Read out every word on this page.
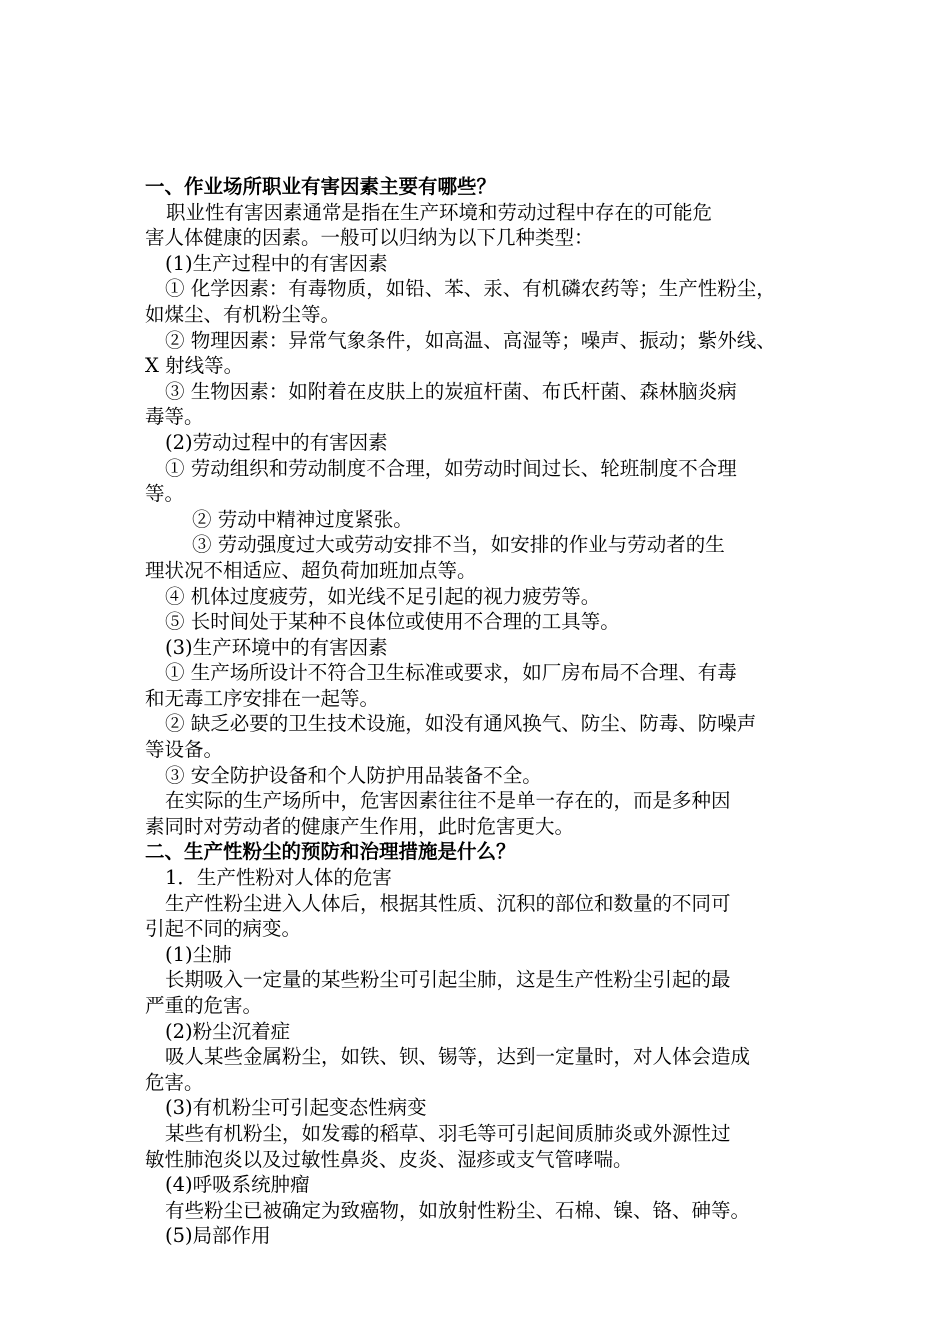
一、作业场所职业有害因素主要有哪些？
职业性有害因素通常是指在生产环境和劳动过程中存在的可能危
害人体健康的因素。一般可以归纳为以下几种类型：
(1)生产过程中的有害因素
① 化学因素：有毒物质，如铅、苯、汞、有机磷农药等；生产性粉尘，
如煤尘、有机粉尘等。
② 物理因素：异常气象条件，如高温、高湿等；噪声、振动；紫外线、
X 射线等。
③ 生物因素：如附着在皮肤上的炭疽杆菌、布氏杆菌、森林脑炎病
毒等。
(2)劳动过程中的有害因素
① 劳动组织和劳动制度不合理，如劳动时间过长、轮班制度不合理
等。
② 劳动中精神过度紧张。
③ 劳动强度过大或劳动安排不当，如安排的作业与劳动者的生
理状况不相适应、超负荷加班加点等。
④ 机体过度疲劳，如光线不足引起的视力疲劳等。
⑤ 长时间处于某种不良体位或使用不合理的工具等。
(3)生产环境中的有害因素
① 生产场所设计不符合卫生标准或要求，如厂房布局不合理、有毒
和无毒工序安排在一起等。
② 缺乏必要的卫生技术设施，如没有通风换气、防尘、防毒、防噪声
等设备。
③ 安全防护设备和个人防护用品装备不全。
在实际的生产场所中，危害因素往往不是单一存在的，而是多种因
素同时对劳动者的健康产生作用，此时危害更大。
二、生产性粉尘的预防和治理措施是什么？
1．生产性粉对人体的危害
生产性粉尘进入人体后，根据其性质、沉积的部位和数量的不同可
引起不同的病变。
(1)尘肺
长期吸入一定量的某些粉尘可引起尘肺，这是生产性粉尘引起的最
严重的危害。
(2)粉尘沉着症
吸人某些金属粉尘，如铁、钡、锡等，达到一定量时，对人体会造成
危害。
(3)有机粉尘可引起变态性病变
某些有机粉尘，如发霉的稻草、羽毛等可引起间质肺炎或外源性过
敏性肺泡炎以及过敏性鼻炎、皮炎、湿疹或支气管哮喘。
(4)呼吸系统肿瘤
有些粉尘已被确定为致癌物，如放射性粉尘、石棉、镍、铬、砷等。
(5)局部作用
